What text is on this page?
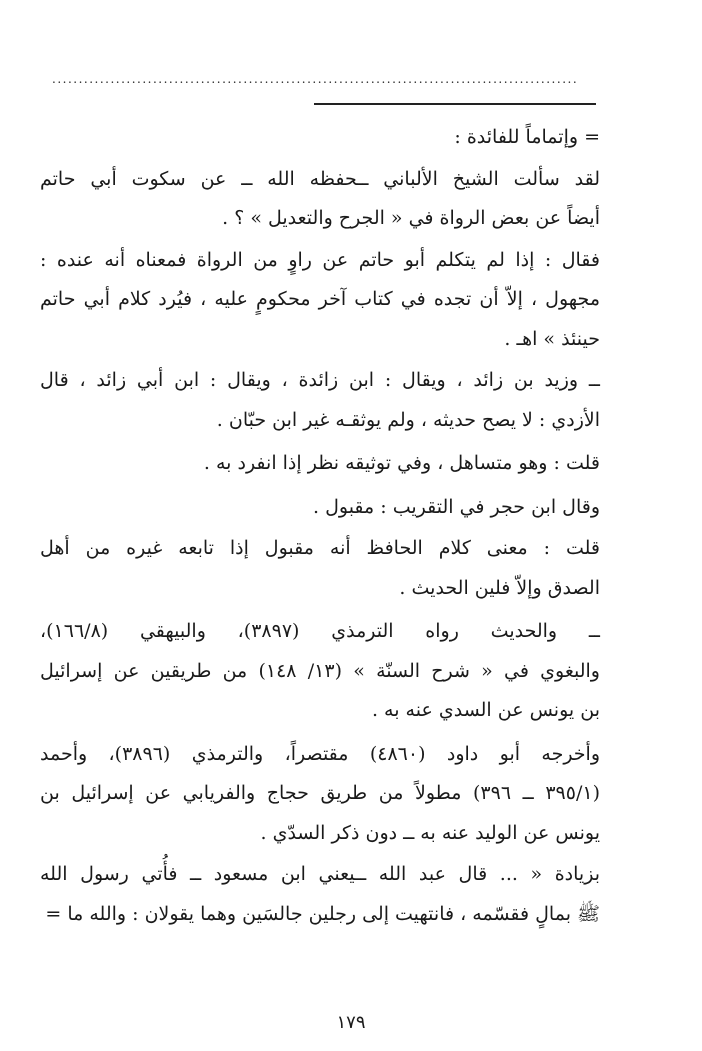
...................................................................................................

= وإتماماً للفائدة :

لقد سألت الشيخ الألباني ــحفظه الله ــ عن سكوت أبي حاتم
أيضاً عن بعض الرواة في « الجرح والتعديل » ؟ .

فقال : إذا لم يتكلم أبو حاتم عن راوٍ من الرواة فمعناه أنه عنده :
مجهول ، إلاّ أن تجده في كتاب آخر محكومٍ عليه ، فيُرد كلام أبي حاتم
حينئذ » اهـ .

ــ وزيد بن زائد ، ويقال : ابن زائدة ، ويقال : ابن أبي زائد ، قال
الأزدي : لا يصح حديثه ، ولم يوثقـه غير ابن حبّان .

قلت : وهو متساهل ، وفي توثيقه نظر إذا انفرد به .

وقال ابن حجر في التقريب : مقبول .

قلت : معنى كلام الحافظ أنه مقبول إذا تابعه غيره من أهل
الصدق وإلاّ فلين الحديث .

ــ والحديث رواه الترمذي (٣٨٩٧)، والبيهقي (١٦٦/٨)،
والبغوي في « شرح السنّة » (١٣/ ١٤٨) من طريقين عن إسرائيل
بن يونس عن السدي عنه به .

وأخرجه أبو داود (٤٨٦٠) مقتصراً، والترمذي (٣٨٩٦)، وأحمد
(٣٩٥/١ ــ ٣٩٦) مطولاً من طريق حجاج والفريابي عن إسرائيل بن
يونس عن الوليد عنه به ــ دون ذكر السدّي .

بزيادة « ... قال عبد الله ــيعني ابن مسعود ــ فأُتي رسول الله
ﷺ بمالٍ فقسّمه ، فانتهيت إلى رجلين جالسَين وهما يقولان : والله ما =

١٧٩
